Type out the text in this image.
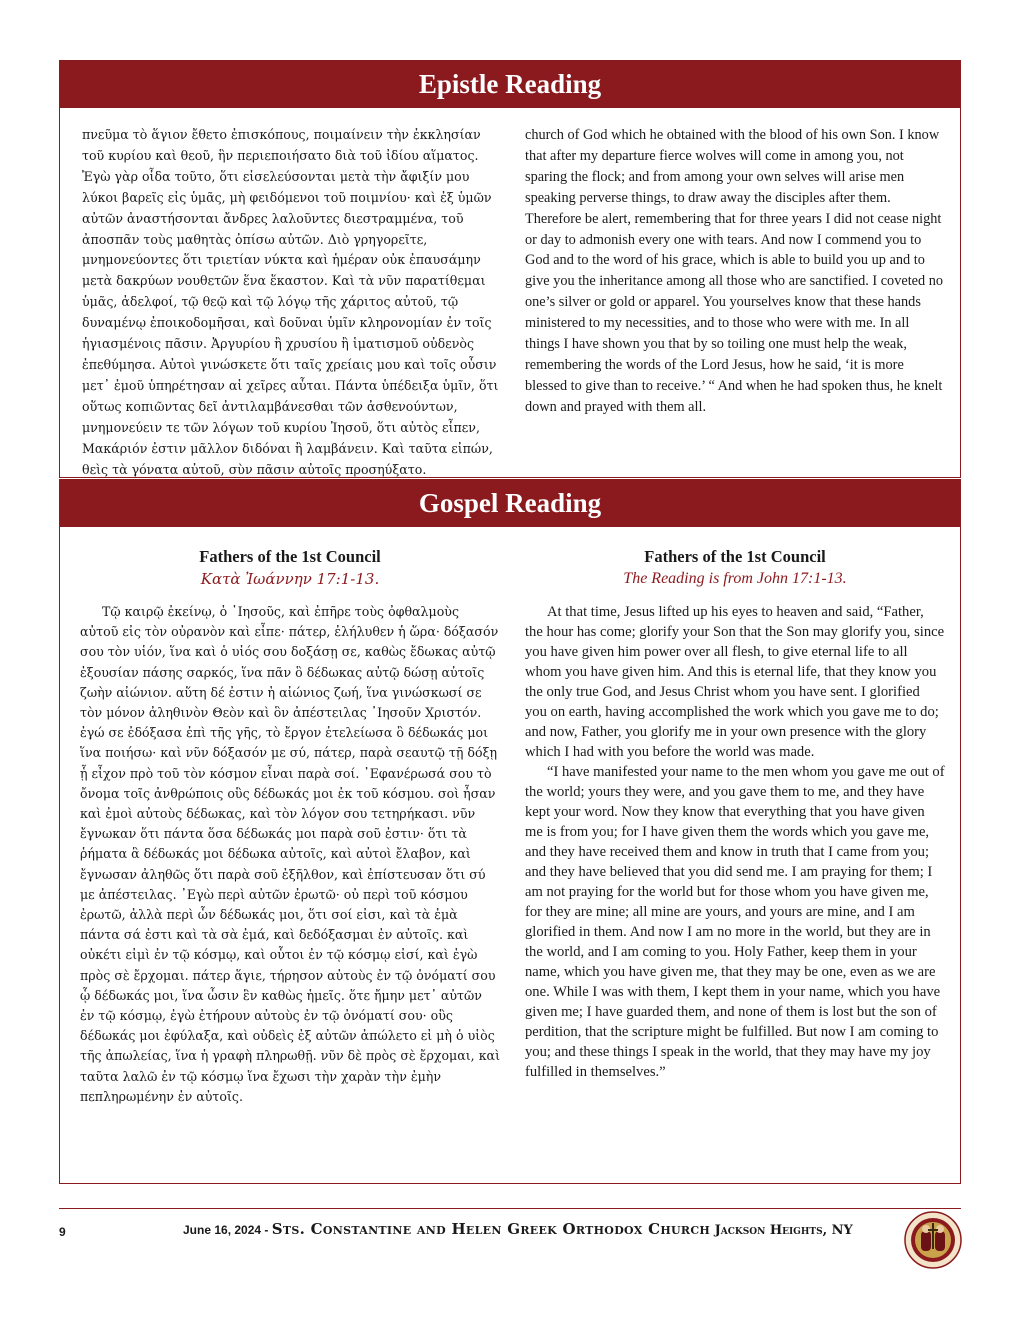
Epistle Reading
πνεῦμα τὸ ἅγιον ἔθετο ἐπισκόπους, ποιμαίνειν τὴν ἐκκλησίαν τοῦ κυρίου καὶ θεοῦ, ἣν περιεποιήσατο διὰ τοῦ ἰδίου αἵματος. Ἐγὼ γὰρ οἶδα τοῦτο, ὅτι εἰσελεύσονται μετὰ τὴν ἄφιξίν μου λύκοι βαρεῖς εἰς ὑμᾶς, μὴ φειδόμενοι τοῦ ποιμνίου· καὶ ἐξ ὑμῶν αὐτῶν ἀναστήσονται ἄνδρες λαλοῦντες διεστραμμένα, τοῦ ἀποσπᾶν τοὺς μαθητὰς ὀπίσω αὐτῶν. Διὸ γρηγορεῖτε, μνημονεύοντες ὅτι τριετίαν νύκτα καὶ ἡμέραν οὐκ ἐπαυσάμην μετὰ δακρύων νουθετῶν ἕνα ἕκαστον. Καὶ τὰ νῦν παρατίθεμαι ὑμᾶς, ἀδελφοί, τῷ θεῷ καὶ τῷ λόγῳ τῆς χάριτος αὐτοῦ, τῷ δυναμένῳ ἐποικοδομῆσαι, καὶ δοῦναι ὑμῖν κληρονομίαν ἐν τοῖς ἡγιασμένοις πᾶσιν. Ἀργυρίου ἢ χρυσίου ἢ ἱματισμοῦ οὐδενὸς ἐπεθύμησα. Αὐτοὶ γινώσκετε ὅτι ταῖς χρείαις μου καὶ τοῖς οὖσιν μετ᾽ ἐμοῦ ὑπηρέτησαν αἱ χεῖρες αὗται. Πάντα ὑπέδειξα ὑμῖν, ὅτι οὕτως κοπιῶντας δεῖ ἀντιλαμβάνεσθαι τῶν ἀσθενούντων, μνημονεύειν τε τῶν λόγων τοῦ κυρίου Ἰησοῦ, ὅτι αὐτὸς εἶπεν, Μακάριόν ἐστιν μᾶλλον διδόναι ἢ λαμβάνειν. Καὶ ταῦτα εἰπών, θεὶς τὰ γόνατα αὐτοῦ, σὺν πᾶσιν αὐτοῖς προσηύξατο.
church of God which he obtained with the blood of his own Son. I know that after my departure fierce wolves will come in among you, not sparing the flock; and from among your own selves will arise men speaking perverse things, to draw away the disciples after them. Therefore be alert, remembering that for three years I did not cease night or day to admonish every one with tears. And now I commend you to God and to the word of his grace, which is able to build you up and to give you the inheritance among all those who are sanctified. I coveted no one’s silver or gold or apparel. You yourselves know that these hands ministered to my necessities, and to those who were with me. In all things I have shown you that by so toiling one must help the weak, remembering the words of the Lord Jesus, how he said, ‘it is more blessed to give than to receive.’ “ And when he had spoken thus, he knelt down and prayed with them all.
Gospel Reading
Fathers of the 1st Council
Κατὰ Ἰωάννην 17:1-13.

Τῷ καιρῷ ἐκείνῳ, ὁ ᾿Ιησοῦς, καὶ ἐπῆρε τοὺς ὀφθαλμοὺς αὐτοῦ εἰς τὸν οὐρανὸν καὶ εἶπε· πάτερ, ἐλήλυθεν ἡ ὥρα· δόξασόν σου τὸν υἱόν, ἵνα καὶ ὁ υἱός σου δοξάσῃ σε, καθὼς ἔδωκας αὐτῷ ἐξουσίαν πάσης σαρκός, ἵνα πᾶν ὃ δέδωκας αὐτῷ δώσῃ αὐτοῖς ζωὴν αἰώνιον. αὕτη δέ ἐστιν ἡ αἰώνιος ζωή, ἵνα γινώσκωσί σε τὸν μόνον ἀληθινὸν Θεὸν καὶ ὃν ἀπέστειλας ᾿Ιησοῦν Χριστόν. ἐγώ σε ἐδόξασα ἐπὶ τῆς γῆς, τὸ ἔργον ἐτελείωσα ὃ δέδωκάς μοι ἵνα ποιήσω· καὶ νῦν δόξασόν με σύ, πάτερ, παρὰ σεαυτῷ τῇ δόξῃ ᾗ εἶχον πρὸ τοῦ τὸν κόσμον εἶναι παρὰ σοί. ᾿Εφανέρωσά σου τὸ ὄνομα τοῖς ἀνθρώποις οὓς δέδωκάς μοι ἐκ τοῦ κόσμου. σοὶ ἦσαν καὶ ἐμοὶ αὐτοὺς δέδωκας, καὶ τὸν λόγον σου τετηρήκασι. νῦν ἔγνωκαν ὅτι πάντα ὅσα δέδωκάς μοι παρὰ σοῦ ἐστιν· ὅτι τὰ ῥήματα ἃ δέδωκάς μοι δέδωκα αὐτοῖς, καὶ αὐτοὶ ἔλαβον, καὶ ἔγνωσαν ἀληθῶς ὅτι παρὰ σοῦ ἐξῆλθον, καὶ ἐπίστευσαν ὅτι σύ με ἀπέστειλας. ᾿Εγὼ περὶ αὐτῶν ἐρωτῶ· οὐ περὶ τοῦ κόσμου ἐρωτῶ, ἀλλὰ περὶ ὧν δέδωκάς μοι, ὅτι σοί εἰσι, καὶ τὰ ἐμὰ πάντα σά ἐστι καὶ τὰ σὰ ἐμά, καὶ δεδόξασμαι ἐν αὐτοῖς. καὶ οὐκέτι εἰμὶ ἐν τῷ κόσμῳ, καὶ οὗτοι ἐν τῷ κόσμῳ εἰσί, καὶ ἐγὼ πρὸς σὲ ἔρχομαι. πάτερ ἅγιε, τήρησον αὐτοὺς ἐν τῷ ὀνόματί σου ᾧ δέδωκάς μοι, ἵνα ὦσιν ἓν καθὼς ἡμεῖς. ὅτε ἤμην μετ᾽ αὐτῶν ἐν τῷ κόσμῳ, ἐγὼ ἐτήρουν αὐτοὺς ἐν τῷ ὀνόματί σου· οὓς δέδωκάς μοι ἐφύλαξα, καὶ οὐδεὶς ἐξ αὐτῶν ἀπώλετο εἰ μὴ ὁ υἱὸς τῆς ἀπωλείας, ἵνα ἡ γραφὴ πληρωθῇ. νῦν δὲ πρὸς σὲ ἔρχομαι, καὶ ταῦτα λαλῶ ἐν τῷ κόσμῳ ἵνα ἔχωσι τὴν χαρὰν τὴν ἐμὴν πεπληρωμένην ἐν αὐτοῖς.

Fathers of the 1st Council
The Reading is from John 17:1-13.

At that time, Jesus lifted up his eyes to heaven and said, “Father, the hour has come; glorify your Son that the Son may glorify you, since you have given him power over all flesh, to give eternal life to all whom you have given him. And this is eternal life, that they know you the only true God, and Jesus Christ whom you have sent. I glorified you on earth, having accomplished the work which you gave me to do; and now, Father, you glorify me in your own presence with the glory which I had with you before the world was made.

“I have manifested your name to the men whom you gave me out of the world; yours they were, and you gave them to me, and they have kept your word. Now they know that everything that you have given me is from you; for I have given them the words which you gave me, and they have received them and know in truth that I came from you; and they have believed that you did send me. I am praying for them; I am not praying for the world but for those whom you have given me, for they are mine; all mine are yours, and yours are mine, and I am glorified in them. And now I am no more in the world, but they are in the world, and I am coming to you. Holy Father, keep them in your name, which you have given me, that they may be one, even as we are one. While I was with them, I kept them in your name, which you have given me; I have guarded them, and none of them is lost but the son of perdition, that the scripture might be fulfilled. But now I am coming to you; and these things I speak in the world, that they may have my joy fulfilled in themselves.”

9	June 16, 2024 - Sts. Constantine and Helen Greek Orthodox Church Jackson Heights, NY
